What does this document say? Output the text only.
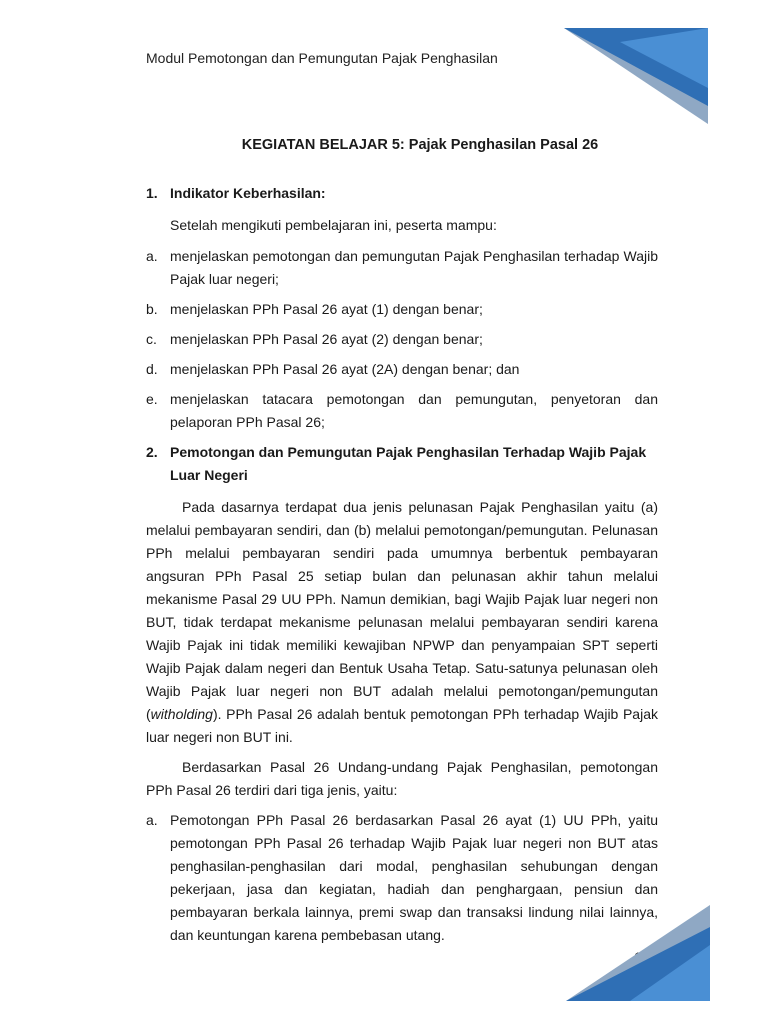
Modul Pemotongan dan Pemungutan Pajak Penghasilan
KEGIATAN BELAJAR 5: Pajak Penghasilan Pasal 26
1. Indikator Keberhasilan:
Setelah mengikuti pembelajaran ini, peserta mampu:
a. menjelaskan pemotongan dan pemungutan Pajak Penghasilan terhadap Wajib Pajak luar negeri;
b. menjelaskan PPh Pasal 26 ayat (1) dengan benar;
c. menjelaskan PPh Pasal 26 ayat (2) dengan benar;
d. menjelaskan PPh Pasal 26 ayat (2A) dengan benar; dan
e. menjelaskan tatacara pemotongan dan pemungutan, penyetoran dan pelaporan PPh Pasal 26;
2. Pemotongan dan Pemungutan Pajak Penghasilan Terhadap Wajib Pajak Luar Negeri
Pada dasarnya terdapat dua jenis pelunasan Pajak Penghasilan yaitu (a) melalui pembayaran sendiri, dan (b) melalui pemotongan/pemungutan. Pelunasan PPh melalui pembayaran sendiri pada umumnya berbentuk pembayaran angsuran PPh Pasal 25 setiap bulan dan pelunasan akhir tahun melalui mekanisme Pasal 29 UU PPh. Namun demikian, bagi Wajib Pajak luar negeri non BUT, tidak terdapat mekanisme pelunasan melalui pembayaran sendiri karena Wajib Pajak ini tidak memiliki kewajiban NPWP dan penyampaian SPT seperti Wajib Pajak dalam negeri dan Bentuk Usaha Tetap. Satu-satunya pelunasan oleh Wajib Pajak luar negeri non BUT adalah melalui pemotongan/pemungutan (witholding). PPh Pasal 26 adalah bentuk pemotongan PPh terhadap Wajib Pajak luar negeri non BUT ini.
Berdasarkan Pasal 26 Undang-undang Pajak Penghasilan, pemotongan PPh Pasal 26 terdiri dari tiga jenis, yaitu:
a. Pemotongan PPh Pasal 26 berdasarkan Pasal 26 ayat (1) UU PPh, yaitu pemotongan PPh Pasal 26 terhadap Wajib Pajak luar negeri non BUT atas penghasilan-penghasilan dari modal, penghasilan sehubungan dengan pekerjaan, jasa dan kegiatan, hadiah dan penghargaan, pensiun dan pembayaran berkala lainnya, premi swap dan transaksi lindung nilai lainnya, dan keuntungan karena pembebasan utang.
